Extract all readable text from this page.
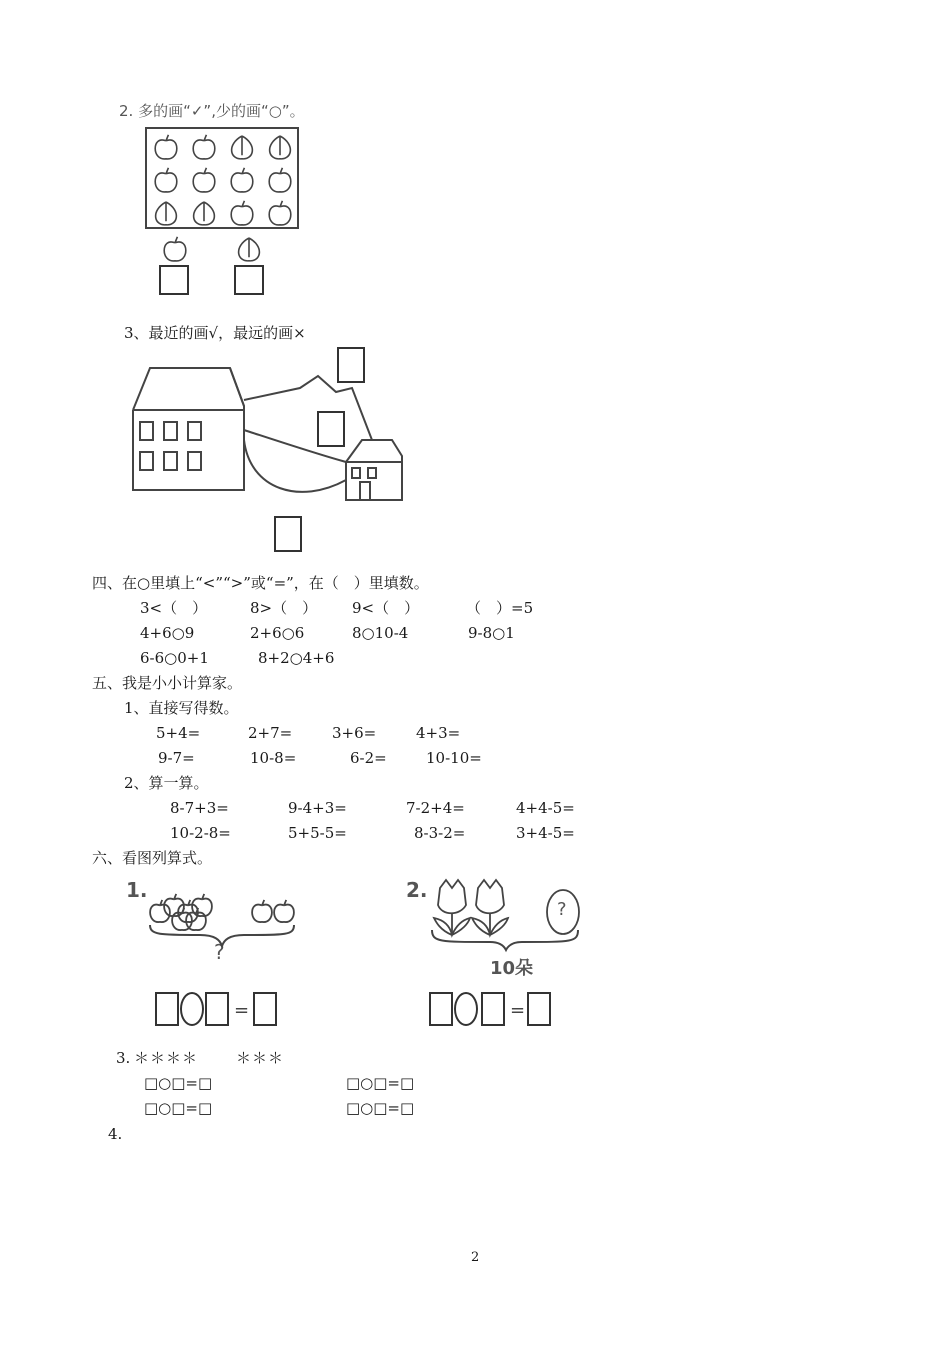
2. 多的画“✓”,少的画“○”。
3、最近的画√，最远的画×
四、在○里填上“<”“>”或“=”，在（　）里填数。
3<（　）	8>（　） 9<（　）	（　）=5
4+6○9	2+6○6	8○10-4	9-8○1
6-6○0+1	8+2○4+6
五、我是小小计算家。
1、直接写得数。
5+4=	2+7=	3+6=	4+3=
9-7=	10-8=	6-2=	10-10=
2、算一算。
8-7+3=	9-4+3=	7-2+4=	4+4-5=
10-2-8=	5+5-5=	8-3-2=	3+4-5=
六、看图列算式。
1.
?
=
2.
?
10朵
=
3. ＊＊＊＊	＊＊＊
□○□=□	□○□=□
□○□=□	□○□=□
4.
2
